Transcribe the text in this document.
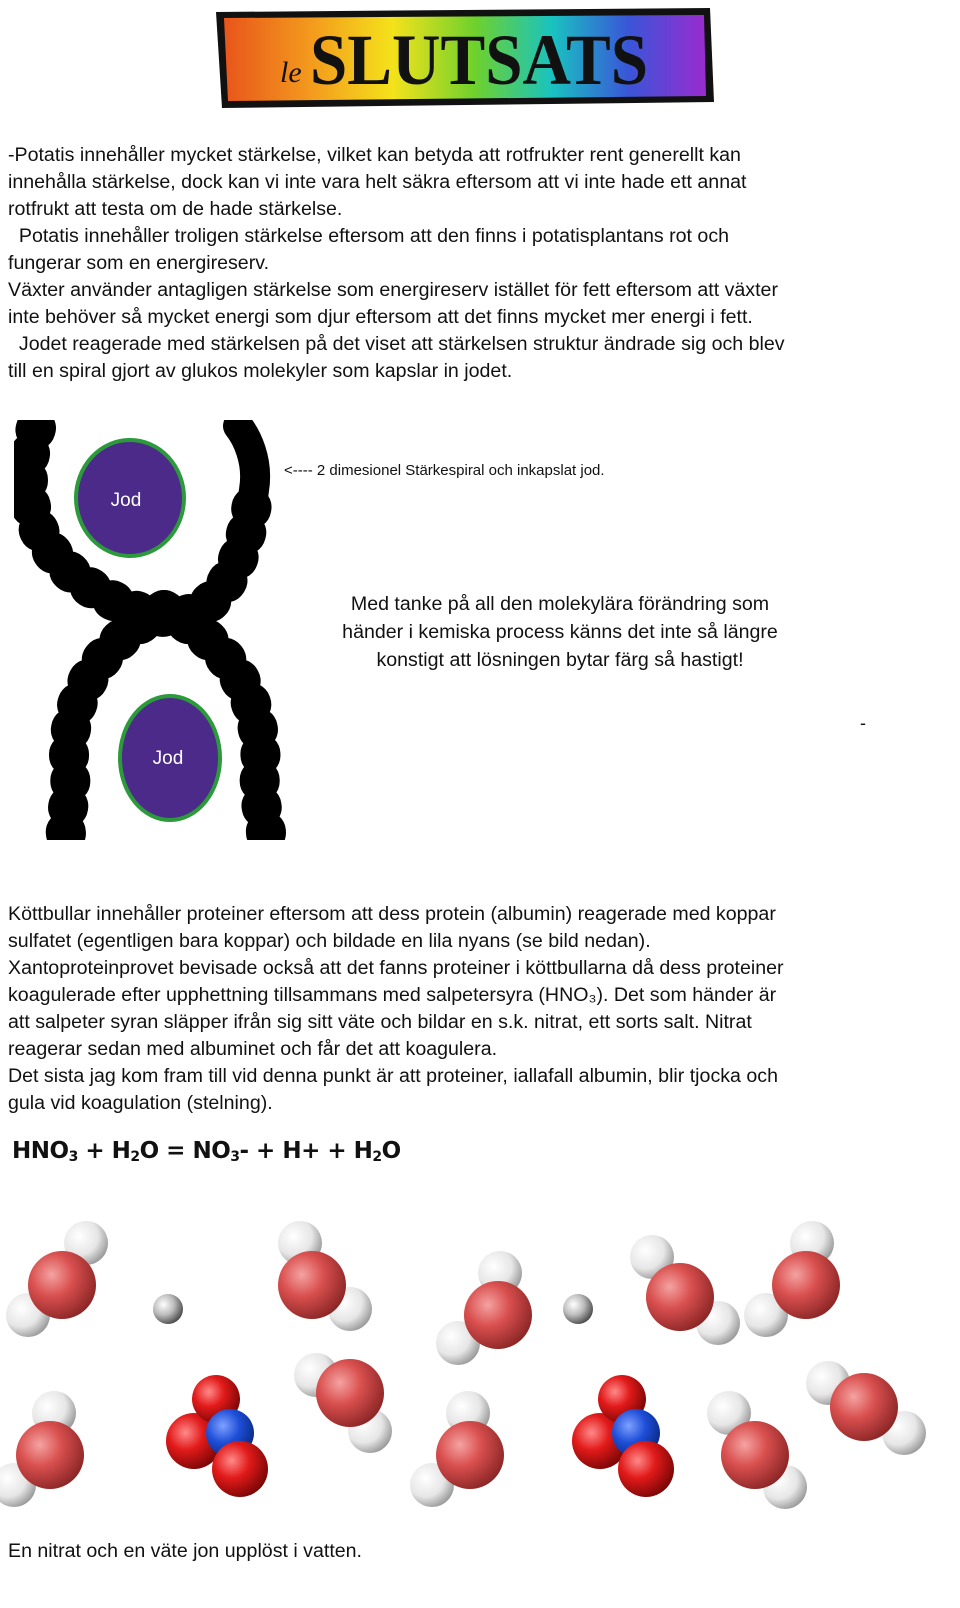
le SLUTSATS

-Potatis innehåller mycket stärkelse, vilket kan betyda att rotfrukter rent generellt kan
innehålla stärkelse, dock kan vi inte vara helt säkra eftersom att vi inte hade ett annat
rotfrukt att testa om de hade stärkelse.

Potatis innehåller troligen stärkelse eftersom att den finns i potatisplantans rot och
fungerar som en energireserv.

Växter använder antagligen stärkelse som energireserv istället för fett eftersom att växter
inte behöver så mycket energi som djur eftersom att det finns mycket mer energi i fett.

Jodet reagerade med stärkelsen på det viset att stärkelsen struktur ändrade sig och blev
till en spiral gjort av glukos molekyler som kapslar in jodet.

Jod
Jod
<---- 2 dimesionel Stärkespiral och inkapslat jod.
Med tanke på all den molekylära förändring som
händer i kemiska process känns det inte så längre
konstigt att lösningen bytar färg så hastigt!
-

Köttbullar innehåller proteiner eftersom att dess protein (albumin) reagerade med koppar
sulfatet (egentligen bara koppar) och bildade en lila nyans (se bild nedan).

Xantoproteinprovet bevisade också att det fanns proteiner i köttbullarna då dess proteiner
koagulerade efter upphettning tillsammans med salpetersyra (HNO₃). Det som händer är
att salpeter syran släpper ifrån sig sitt väte och bildar en s.k. nitrat, ett sorts salt. Nitrat
reagerar sedan med albuminet och får det att koagulera.

Det sista jag kom fram till vid denna punkt är att proteiner, iallafall albumin, blir tjocka och
gula vid koagulation (stelning).

$HNO_3 + H_2O = NO_3- + H+ + H_2O$
En nitrat och en väte jon upplöst i vatten.
